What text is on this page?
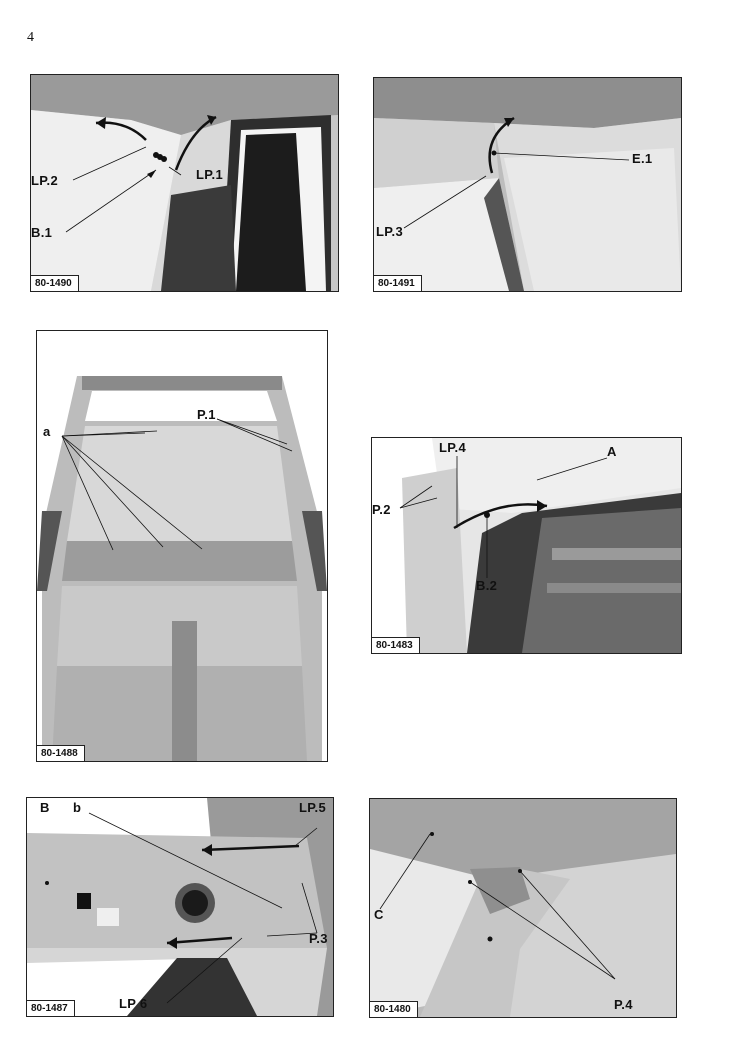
4
LP.2	LP.1
B.1
80-1490
E.1
LP.3
80-1491
a
P.1
80-1488
LP.4	A
P.2
B.2
80-1483
B b	LP.5
P.3
LP 6
80-1487
C
P.4
80-1480
